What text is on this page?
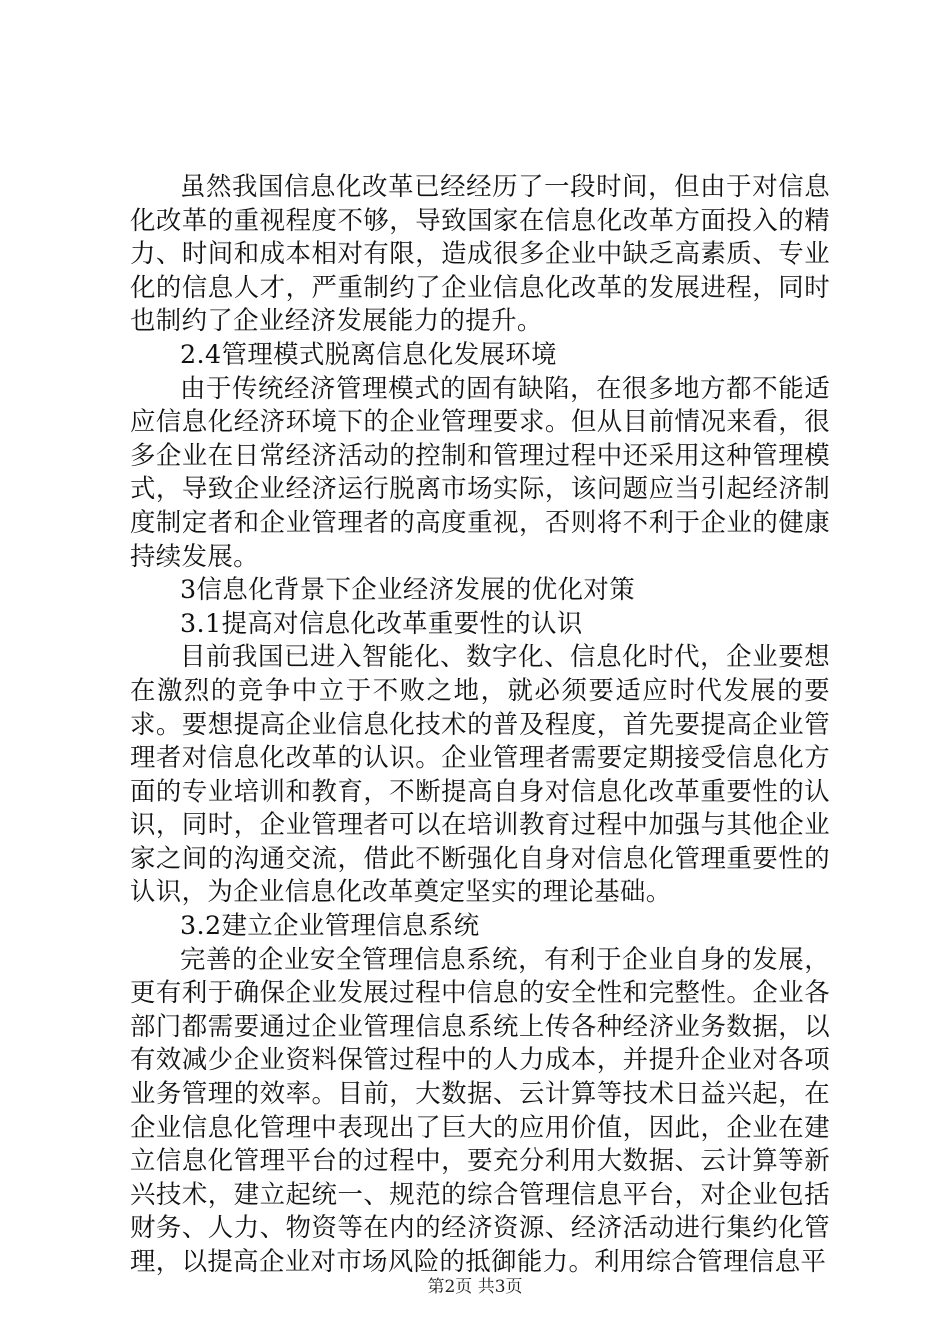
虽然我国信息化改革已经经历了一段时间，但由于对信息化改革的重视程度不够，导致国家在信息化改革方面投入的精力、时间和成本相对有限，造成很多企业中缺乏高素质、专业化的信息人才，严重制约了企业信息化改革的发展进程，同时也制约了企业经济发展能力的提升。

2.4管理模式脱离信息化发展环境

由于传统经济管理模式的固有缺陷，在很多地方都不能适应信息化经济环境下的企业管理要求。但从目前情况来看，很多企业在日常经济活动的控制和管理过程中还采用这种管理模式，导致企业经济运行脱离市场实际，该问题应当引起经济制度制定者和企业管理者的高度重视，否则将不利于企业的健康持续发展。

3信息化背景下企业经济发展的优化对策

3.1提高对信息化改革重要性的认识

目前我国已进入智能化、数字化、信息化时代，企业要想在激烈的竞争中立于不败之地，就必须要适应时代发展的要求。要想提高企业信息化技术的普及程度，首先要提高企业管理者对信息化改革的认识。企业管理者需要定期接受信息化方面的专业培训和教育，不断提高自身对信息化改革重要性的认识，同时，企业管理者可以在培训教育过程中加强与其他企业家之间的沟通交流，借此不断强化自身对信息化管理重要性的认识，为企业信息化改革奠定坚实的理论基础。

3.2建立企业管理信息系统

完善的企业安全管理信息系统，有利于企业自身的发展，更有利于确保企业发展过程中信息的安全性和完整性。企业各部门都需要通过企业管理信息系统上传各种经济业务数据，以有效减少企业资料保管过程中的人力成本，并提升企业对各项业务管理的效率。目前，大数据、云计算等技术日益兴起，在企业信息化管理中表现出了巨大的应用价值，因此，企业在建立信息化管理平台的过程中，要充分利用大数据、云计算等新兴技术，建立起统一、规范的综合管理信息平台，对企业包括财务、人力、物资等在内的经济资源、经济活动进行集约化管理，以提高企业对市场风险的抵御能力。利用综合管理信息平

第2页 共3页
